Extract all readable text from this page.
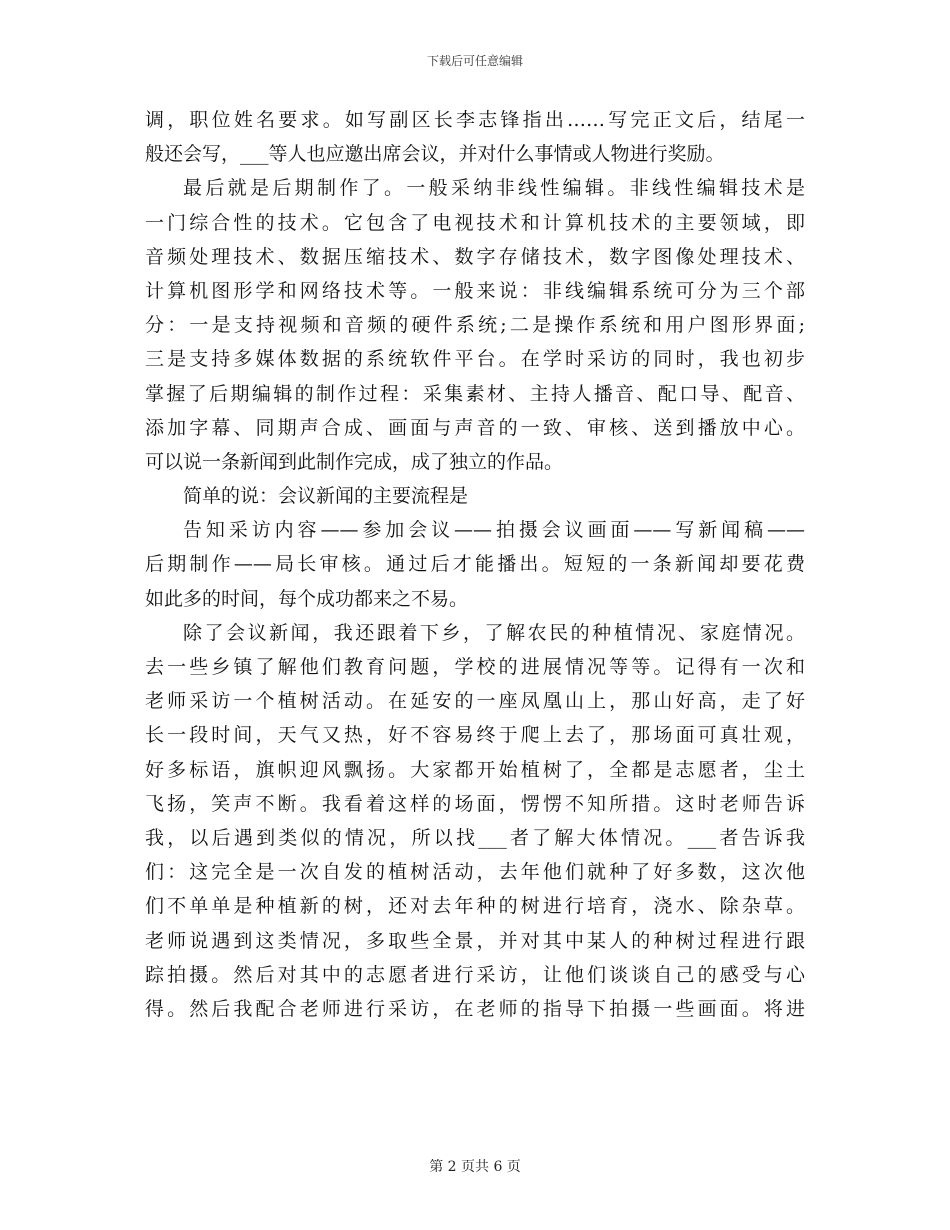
下载后可任意编辑
调，职位姓名要求。如写副区长李志锋指出……写完正文后，结尾一
般还会写，___等人也应邀出席会议，并对什么事情或人物进行奖励。
最后就是后期制作了。一般采纳非线性编辑。非线性编辑技术是
一门综合性的技术。它包含了电视技术和计算机技术的主要领域，即
音频处理技术、数据压缩技术、数字存储技术，数字图像处理技术、
计算机图形学和网络技术等。一般来说：非线编辑系统可分为三个部
分：一是支持视频和音频的硬件系统;二是操作系统和用户图形界面;
三是支持多媒体数据的系统软件平台。在学时采访的同时，我也初步
掌握了后期编辑的制作过程：采集素材、主持人播音、配口导、配音、
添加字幕、同期声合成、画面与声音的一致、审核、送到播放中心。
可以说一条新闻到此制作完成，成了独立的作品。
简单的说：会议新闻的主要流程是
告知采访内容——参加会议——拍摄会议画面——写新闻稿——
后期制作——局长审核。通过后才能播出。短短的一条新闻却要花费
如此多的时间，每个成功都来之不易。
除了会议新闻，我还跟着下乡，了解农民的种植情况、家庭情况。
去一些乡镇了解他们教育问题，学校的进展情况等等。记得有一次和
老师采访一个植树活动。在延安的一座凤凰山上，那山好高，走了好
长一段时间，天气又热，好不容易终于爬上去了，那场面可真壮观，
好多标语，旗帜迎风飘扬。大家都开始植树了，全都是志愿者，尘土
飞扬，笑声不断。我看着这样的场面，愣愣不知所措。这时老师告诉
我，以后遇到类似的情况，所以找___者了解大体情况。___者告诉我
们：这完全是一次自发的植树活动，去年他们就种了好多数，这次他
们不单单是种植新的树，还对去年种的树进行培育，浇水、除杂草。
老师说遇到这类情况，多取些全景，并对其中某人的种树过程进行跟
踪拍摄。然后对其中的志愿者进行采访，让他们谈谈自己的感受与心
得。然后我配合老师进行采访，在老师的指导下拍摄一些画面。将进
第 2 页共 6 页
